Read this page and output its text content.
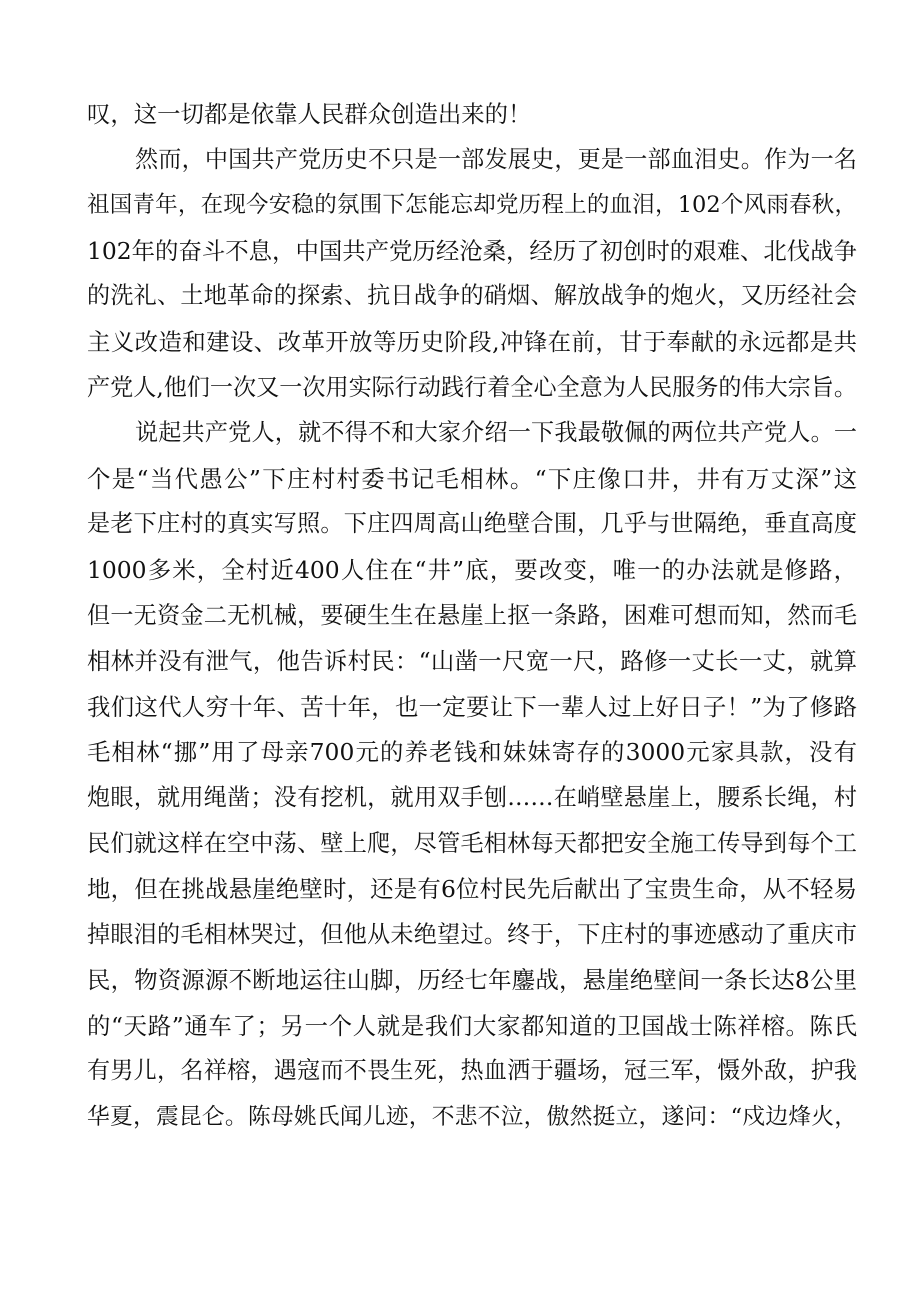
叹，这一切都是依靠人民群众创造出来的！
然而，中国共产党历史不只是一部发展史，更是一部血泪史。作为一名
祖国青年，在现今安稳的氛围下怎能忘却党历程上的血泪，102个风雨春秋，
102年的奋斗不息，中国共产党历经沧桑，经历了初创时的艰难、北伐战争
的洗礼、土地革命的探索、抗日战争的硝烟、解放战争的炮火，又历经社会
主义改造和建设、改革开放等历史阶段,冲锋在前，甘于奉献的永远都是共
产党人,他们一次又一次用实际行动践行着全心全意为人民服务的伟大宗旨。
说起共产党人，就不得不和大家介绍一下我最敬佩的两位共产党人。一
个是“当代愚公”下庄村村委书记毛相林。“下庄像口井，井有万丈深”这
是老下庄村的真实写照。下庄四周高山绝壁合围，几乎与世隔绝，垂直高度
1000多米，全村近400人住在“井”底，要改变，唯一的办法就是修路，
但一无资金二无机械，要硬生生在悬崖上抠一条路，困难可想而知，然而毛
相林并没有泄气，他告诉村民：“山凿一尺宽一尺，路修一丈长一丈，就算
我们这代人穷十年、苦十年，也一定要让下一辈人过上好日子！”为了修路
毛相林“挪”用了母亲700元的养老钱和妹妹寄存的3000元家具款，没有
炮眼，就用绳凿；没有挖机，就用双手刨……在峭壁悬崖上，腰系长绳，村
民们就这样在空中荡、壁上爬，尽管毛相林每天都把安全施工传导到每个工
地，但在挑战悬崖绝壁时，还是有6位村民先后献出了宝贵生命，从不轻易
掉眼泪的毛相林哭过，但他从未绝望过。终于，下庄村的事迹感动了重庆市
民，物资源源不断地运往山脚，历经七年鏖战，悬崖绝壁间一条长达8公里
的“天路”通车了；另一个人就是我们大家都知道的卫国战士陈祥榕。陈氏
有男儿，名祥榕，遇寇而不畏生死，热血洒于疆场，冠三军，慑外敌，护我
华夏，震昆仑。陈母姚氏闻儿迹，不悲不泣，傲然挺立，遂问：“戍边烽火，
